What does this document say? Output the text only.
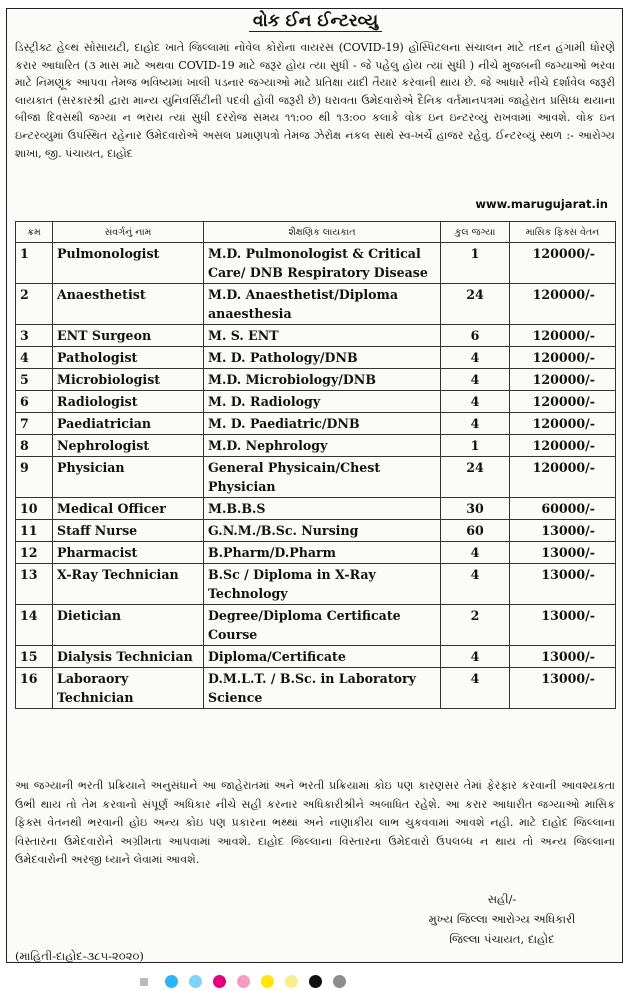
વોક ઈન ઈન્ટરવ્યુ
ડિસ્ટ્રીક્ટ હેલ્થ સોસાયટી, દાહોદ ખાતે જિલ્લામાં નોવેલ કોરોના વાયરસ (COVID-19) હોસ્પિટલના સંચાલન માટે તદન હંગામી ધોરણે કરાર આધારિત (૩ માસ માટે અથવા COVID-19 માટે જરૂર હોય ત્યા સુધી - જે પહેલુ હોય ત્યાં સુધી ) નીચે મુજબની જગ્યાઓ ભરવા માટે નિમણૂંક આપવા તેમજ ભવિષ્યમાં ખાલી પડનાર જગ્યાઓ માટે પ્રતિક્ષા યાદી તૈયાર કરવાની થાય છે. જે આધારે નીચે દર્શાવેલ જરૂરી લાયકાત (સરકારશ્રી દ્વારા માન્ય યુનિવર્સિટીની પદવી હોવી જરૂરી છે) ધરાવતા ઉમેદવારોએ દૈનિક વર્તમાનપત્રમાં જાહેરાત પ્રસિધ્ધ થયાના બીજા દિવસથી જગ્યા ન ભરાય ત્યાં સુધી દરરોજ સમય ૧૧:૦૦ થી ૧૩:૦૦ કલાકે વોક ઇન ઇન્ટરવ્યું રાખવામાં આવશે. વોક ઇન ઇન્ટરવ્યુમાં ઉપસ્થિત રહેનાર ઉમેદવારોએ અસલ પ્રમાણપત્રો તેમજ ઝેરોક્ષ નકલ સાથે સ્વ-ખર્ચે હાજર રહેવું. ઈન્ટરવ્યું સ્થળ :- આરોગ્ય શાખા, જી. પંચાયત, દાહોદ
www.marugujarat.in
ક્રમ	સંવર્ગનું નામ	શૈક્ષણિક લાયકાત	કુલ જગ્યા	માસિક ફિક્સ વેતન
1	Pulmonologist	M.D. Pulmonologist & Critical Care/ DNB Respiratory Disease	1	120000/-
2	Anaesthetist	M.D. Anaesthetist/Diploma anaesthesia	24	120000/-
3	ENT Surgeon	M. S. ENT	6	120000/-
4	Pathologist	M. D. Pathology/DNB	4	120000/-
5	Microbiologist	M.D. Microbiology/DNB	4	120000/-
6	Radiologist	M. D. Radiology	4	120000/-
7	Paediatrician	M. D. Paediatric/DNB	4	120000/-
8	Nephrologist	M.D. Nephrology	1	120000/-
9	Physician	General Physicain/Chest Physician	24	120000/-
10	Medical Officer	M.B.B.S	30	60000/-
11	Staff Nurse	G.N.M./B.Sc. Nursing	60	13000/-
12	Pharmacist	B.Pharm/D.Pharm	4	13000/-
13	X-Ray Technician	B.Sc / Diploma in X-Ray Technology	4	13000/-
14	Dietician	Degree/Diploma Certificate Course	2	13000/-
15	Dialysis Technician	Diploma/Certificate	4	13000/-
16	Laboraory Technician	D.M.L.T. / B.Sc. in Laboratory Science	4	13000/-
આ જગ્યાની ભરતી પ્રક્રિયાને અનુસંધાને આ જાહેરાતમાં અને ભરતી પ્રક્રિયામાં કોઇ પણ કારણસર તેમાં ફેરફાર કરવાની આવશ્યકતા ઉભી થાય તો તેમ કરવાનો સંપૂર્ણ અધિકાર નીચે સહી કરનાર અધિકારીશ્રીને અબાધિત રહેશે. આ કરાર આધારીત જગ્યાઓ માસિક ફિક્સ વેતનથી ભરવાની હોઇ અન્ય કોઇ પણ પ્રકારના ભથ્થાં અને નાણાકીય લાભ ચુકવવામાં આવશે નહી. માટે દાહોદ જિલ્લાના વિસ્તારના ઉમેદવારોને અગ્રીમતા આપવામાં આવશે. દાહોદ જિલ્લાના વિસ્તારના ઉમેદવારો ઉપલબ્ધ ન થાય તો અન્ય જિલ્લાના ઉમેદવારોની અરજી ધ્યાને લેવામાં આવશે.
સહી/-
મુખ્ય જિલ્લા આરોગ્ય અધિકારી
જિલ્લા પંચાયત, દાહોદ
(માહિતી-દાહોદ-૩૮૫-૨૦૨૦)
